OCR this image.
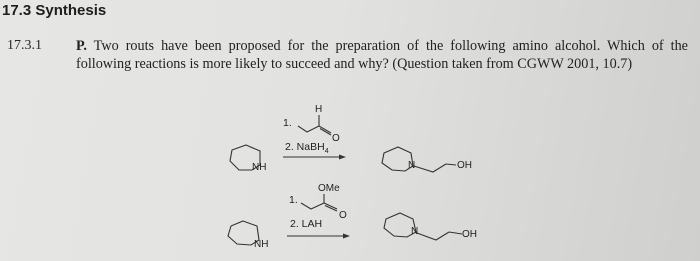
17.3 Synthesis
17.3.1 P. Two routs have been proposed for the preparation of the following amino alcohol. Which of the following reactions is more likely to succeed and why? (Question taken from CGWW 2001, 10.7)
NH
1.
H
O
2. NaBH$_4$
N	OH
NH
1.
OMe
O
2. LAH
N	OH
